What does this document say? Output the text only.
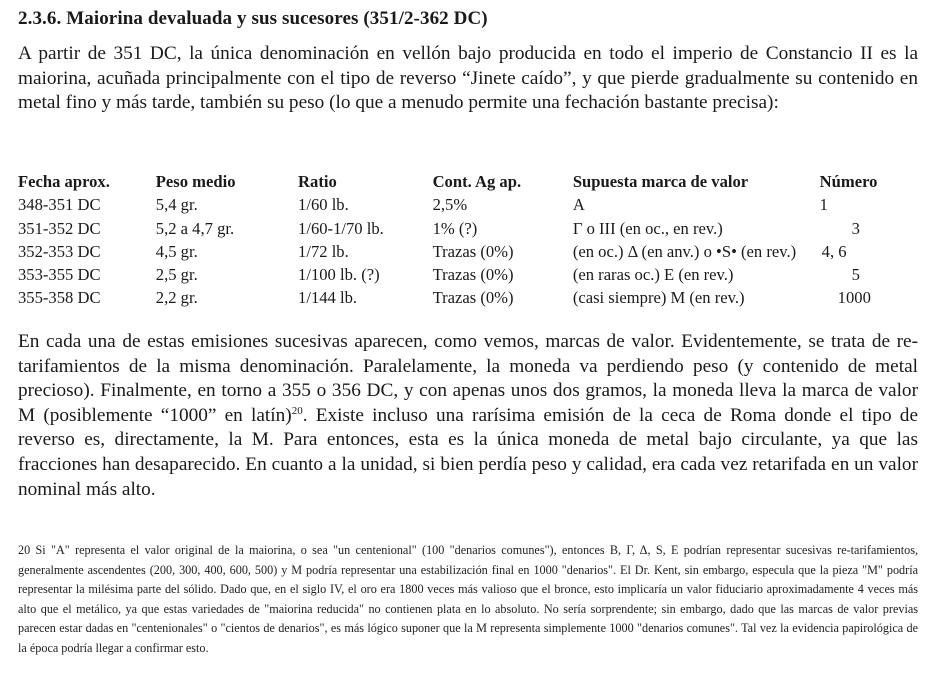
2.3.6. Maiorina devaluada y sus sucesores (351/2-362 DC)
A partir de 351 DC, la única denominación en vellón bajo producida en todo el imperio de Constancio II es la maiorina, acuñada principalmente con el tipo de reverso “Jinete caído”, y que pierde gradualmente su contenido en metal fino y más tarde, también su peso (lo que a menudo permite una fechación bastante precisa):
Fecha aprox.	Peso medio	Ratio	Cont. Ag ap.	Supuesta marca de valor	Número
348-351 DC	5,4 gr.	1/60 lb.	2,5%	A	1
351-352 DC	5,2 a 4,7 gr.	1/60-1/70 lb.	1% (?)	Γ o III (en oc., en rev.)	3
352-353 DC	4,5 gr.	1/72 lb.	Trazas (0%)	(en oc.) Δ (en anv.) o •S• (en rev.)	4, 6
353-355 DC	2,5 gr.	1/100 lb. (?)	Trazas (0%)	(en raras oc.) E (en rev.)	5
355-358 DC	2,2 gr.	1/144 lb.	Trazas (0%)	(casi siempre) M (en rev.)	1000
En cada una de estas emisiones sucesivas aparecen, como vemos, marcas de valor. Evidentemente, se trata de re-tarifamientos de la misma denominación. Paralelamente, la moneda va perdiendo peso (y contenido de metal precioso). Finalmente, en torno a 355 o 356 DC, y con apenas unos dos gramos, la moneda lleva la marca de valor M (posiblemente “1000” en latín)$^{20}$. Existe incluso una rarísima emisión de la ceca de Roma donde el tipo de reverso es, directamente, la M. Para entonces, esta es la única moneda de metal bajo circulante, ya que las fracciones han desaparecido. En cuanto a la unidad, si bien perdía peso y calidad, era cada vez retarifada en un valor nominal más alto.
20 Si "A" representa el valor original de la maiorina, o sea "un centenional" (100 "denarios comunes"), entonces B, Γ, Δ, S, E podrían representar sucesivas re-tarifamientos, generalmente ascendentes (200, 300, 400, 600, 500) y M podría representar una estabilización final en 1000 "denarios". El Dr. Kent, sin embargo, especula que la pieza "M" podría representar la milésima parte del sólido. Dado que, en el siglo IV, el oro era 1800 veces más valioso que el bronce, esto implicaría un valor fiduciario aproximadamente 4 veces más alto que el metálico, ya que estas variedades de "maiorina reducida" no contienen plata en lo absoluto. No sería sorprendente; sin embargo, dado que las marcas de valor previas parecen estar dadas en "centenionales" o "cientos de denarios", es más lógico suponer que la M representa simplemente 1000 "denarios comunes". Tal vez la evidencia papirológica de la época podría llegar a confirmar esto.
